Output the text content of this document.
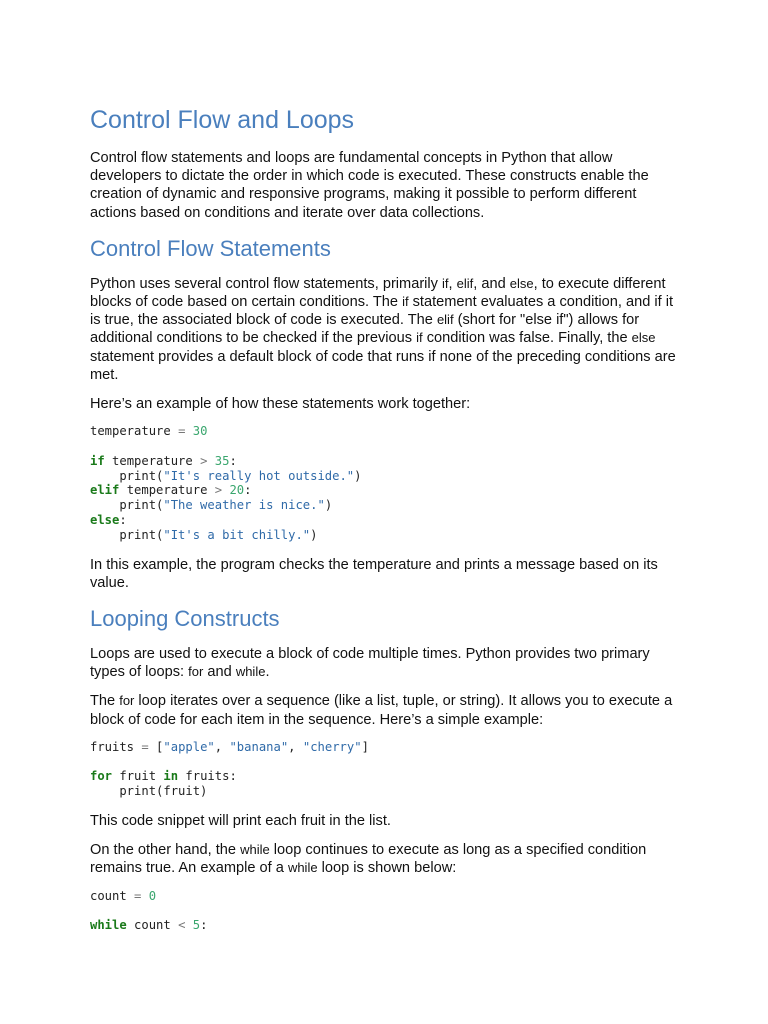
Control Flow and Loops

Control flow statements and loops are fundamental concepts in Python that allow developers to dictate the order in which code is executed. These constructs enable the creation of dynamic and responsive programs, making it possible to perform different actions based on conditions and iterate over data collections.

Control Flow Statements

Python uses several control flow statements, primarily if, elif, and else, to execute different blocks of code based on certain conditions. The if statement evaluates a condition, and if it is true, the associated block of code is executed. The elif (short for "else if") allows for additional conditions to be checked if the previous if condition was false. Finally, the else statement provides a default block of code that runs if none of the preceding conditions are met.

Here’s an example of how these statements work together:

temperature = 30

if temperature > 35:
print("It's really hot outside.")
elif temperature > 20:
print("The weather is nice.")
else:
print("It's a bit chilly.")

In this example, the program checks the temperature and prints a message based on its value.

Looping Constructs

Loops are used to execute a block of code multiple times. Python provides two primary types of loops: for and while.

The for loop iterates over a sequence (like a list, tuple, or string). It allows you to execute a block of code for each item in the sequence. Here’s a simple example:

fruits = ["apple", "banana", "cherry"]

for fruit in fruits:
print(fruit)

This code snippet will print each fruit in the list.

On the other hand, the while loop continues to execute as long as a specified condition remains true. An example of a while loop is shown below:

count = 0

while count < 5:
